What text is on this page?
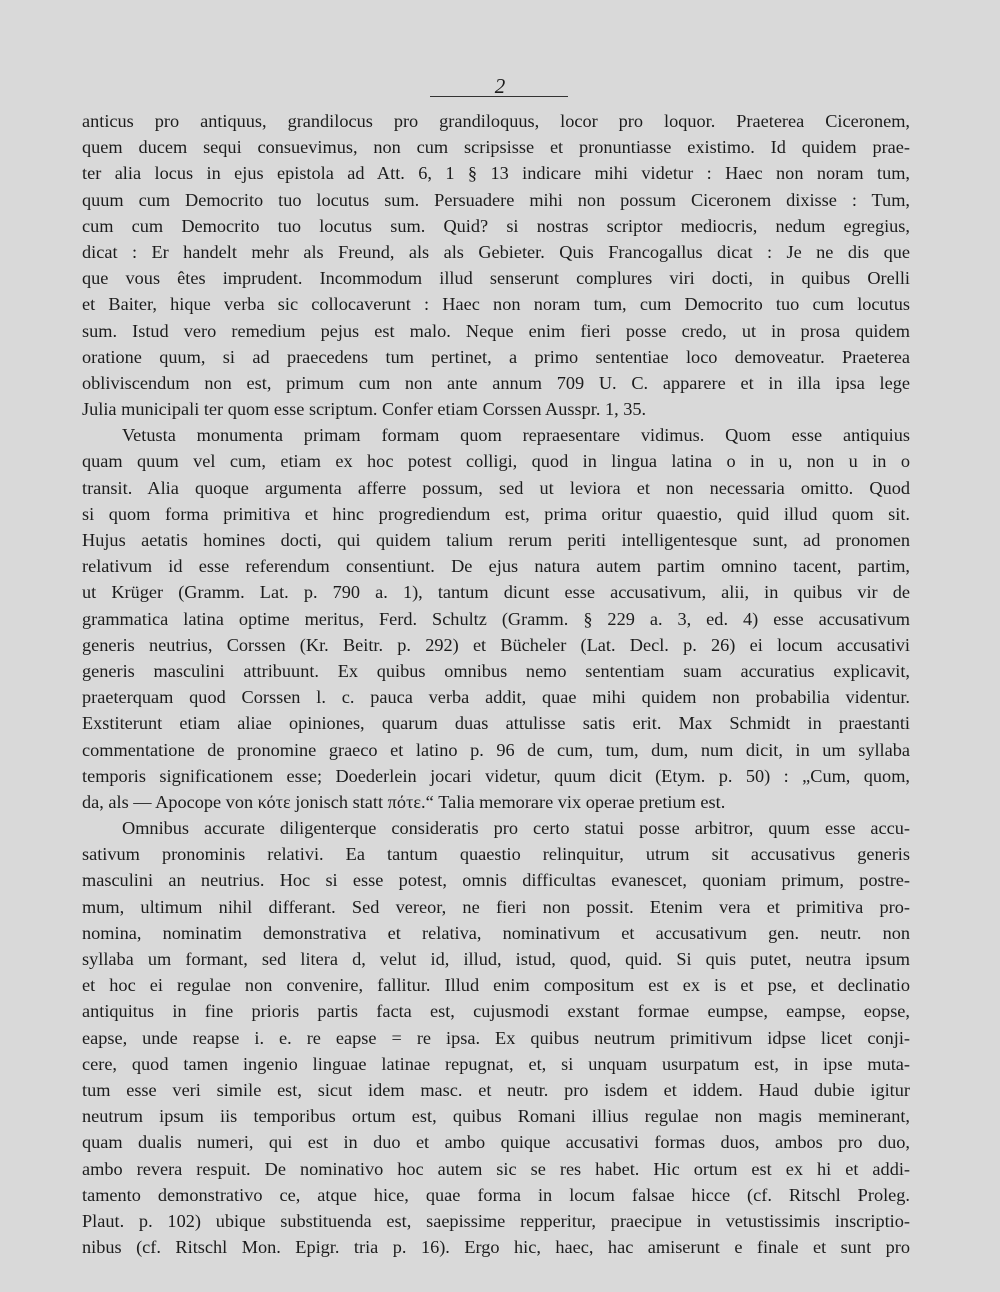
2
anticus pro antiquus, grandilocus pro grandiloquus, locor pro loquor. Praeterea Ciceronem,
quem ducem sequi consuevimus, non cum scripsisse et pronuntiasse existimo. Id quidem prae-
ter alia locus in ejus epistola ad Att. 6, 1 § 13 indicare mihi videtur : Haec non noram tum,
quum cum Democrito tuo locutus sum. Persuadere mihi non possum Ciceronem dixisse : Tum,
cum cum Democrito tuo locutus sum. Quid? si nostras scriptor mediocris, nedum egregius,
dicat : Er handelt mehr als Freund, als als Gebieter. Quis Francogallus dicat : Je ne dis que
que vous êtes imprudent. Incommodum illud senserunt complures viri docti, in quibus Orelli
et Baiter, hique verba sic collocaverunt : Haec non noram tum, cum Democrito tuo cum locutus
sum. Istud vero remedium pejus est malo. Neque enim fieri posse credo, ut in prosa quidem
oratione quum, si ad praecedens tum pertinet, a primo sententiae loco demoveatur. Praeterea
obliviscendum non est, primum cum non ante annum 709 U. C. apparere et in illa ipsa lege
Julia municipali ter quom esse scriptum. Confer etiam Corssen Ausspr. 1, 35.
Vetusta monumenta primam formam quom repraesentare vidimus. Quom esse antiquius
quam quum vel cum, etiam ex hoc potest colligi, quod in lingua latina o in u, non u in o
transit. Alia quoque argumenta afferre possum, sed ut leviora et non necessaria omitto. Quod
si quom forma primitiva et hinc progrediendum est, prima oritur quaestio, quid illud quom sit.
Hujus aetatis homines docti, qui quidem talium rerum periti intelligentesque sunt, ad pronomen
relativum id esse referendum consentiunt. De ejus natura autem partim omnino tacent, partim,
ut Krüger (Gramm. Lat. p. 790 a. 1), tantum dicunt esse accusativum, alii, in quibus vir de
grammatica latina optime meritus, Ferd. Schultz (Gramm. § 229 a. 3, ed. 4) esse accusativum
generis neutrius, Corssen (Kr. Beitr. p. 292) et Bücheler (Lat. Decl. p. 26) ei locum accusativi
generis masculini attribuunt. Ex quibus omnibus nemo sententiam suam accuratius explicavit,
praeterquam quod Corssen l. c. pauca verba addit, quae mihi quidem non probabilia videntur.
Exstiterunt etiam aliae opiniones, quarum duas attulisse satis erit. Max Schmidt in praestanti
commentatione de pronomine graeco et latino p. 96 de cum, tum, dum, num dicit, in um syllaba
temporis significationem esse; Doederlein jocari videtur, quum dicit (Etym. p. 50) : „Cum, quom,
da, als — Apocope von κότε jonisch statt πότε.“ Talia memorare vix operae pretium est.
Omnibus accurate diligenterque consideratis pro certo statui posse arbitror, quum esse accu-
sativum pronominis relativi. Ea tantum quaestio relinquitur, utrum sit accusativus generis
masculini an neutrius. Hoc si esse potest, omnis difficultas evanescet, quoniam primum, postre-
mum, ultimum nihil differant. Sed vereor, ne fieri non possit. Etenim vera et primitiva pro-
nomina, nominatim demonstrativa et relativa, nominativum et accusativum gen. neutr. non
syllaba um formant, sed litera d, velut id, illud, istud, quod, quid. Si quis putet, neutra ipsum
et hoc ei regulae non convenire, fallitur. Illud enim compositum est ex is et pse, et declinatio
antiquitus in fine prioris partis facta est, cujusmodi exstant formae eumpse, eampse, eopse,
eapse, unde reapse i. e. re eapse = re ipsa. Ex quibus neutrum primitivum idpse licet conji-
cere, quod tamen ingenio linguae latinae repugnat, et, si unquam usurpatum est, in ipse muta-
tum esse veri simile est, sicut idem masc. et neutr. pro isdem et iddem. Haud dubie igitur
neutrum ipsum iis temporibus ortum est, quibus Romani illius regulae non magis meminerant,
quam dualis numeri, qui est in duo et ambo quique accusativi formas duos, ambos pro duo,
ambo revera respuit. De nominativo hoc autem sic se res habet. Hic ortum est ex hi et addi-
tamento demonstrativo ce, atque hice, quae forma in locum falsae hicce (cf. Ritschl Proleg.
Plaut. p. 102) ubique substituenda est, saepissime repperitur, praecipue in vetustissimis inscriptio-
nibus (cf. Ritschl Mon. Epigr. tria p. 16). Ergo hic, haec, hac amiserunt e finale et sunt pro
